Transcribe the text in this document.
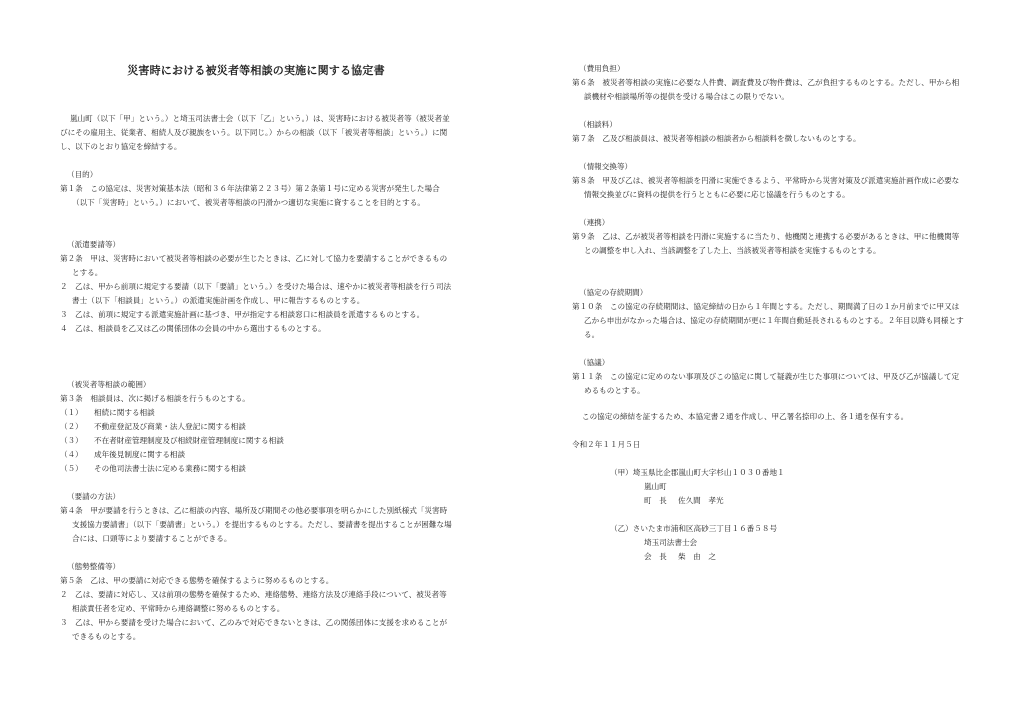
災害時における被災者等相談の実施に関する協定書
嵐山町（以下「甲」という。）と埼玉司法書士会（以下「乙」という。）は、災害時における被災者等（被災者並びにその雇用主、従業者、相続人及び親族をいう。以下同じ。）からの相談（以下「被災者等相談」という。）に関し、以下のとおり協定を締結する。
（目的）
第１条　この協定は、災害対策基本法（昭和３６年法律第２２３号）第２条第１号に定める災害が発生した場合（以下「災害時」という。）において、被災者等相談の円滑かつ適切な実施に資することを目的とする。
（派遣要請等）
第２条　甲は、災害時において被災者等相談の必要が生じたときは、乙に対して協力を要請することができるものとする。
２　乙は、甲から前項に規定する要請（以下「要請」という。）を受けた場合は、速やかに被災者等相談を行う司法書士（以下「相談員」という。）の派遣実施計画を作成し、甲に報告するものとする。
３　乙は、前項に規定する派遣実施計画に基づき、甲が指定する相談窓口に相談員を派遣するものとする。
４　乙は、相談員を乙又は乙の関係団体の会員の中から選出するものとする。
（被災者等相談の範囲）
第３条　相談員は、次に掲げる相談を行うものとする。
（１）	相続に関する相談
（２）	不動産登記及び商業・法人登記に関する相談
（３）	不在者財産管理制度及び相続財産管理制度に関する相談
（４）	成年後見制度に関する相談
（５）	その他司法書士法に定める業務に関する相談
（要請の方法）
第４条　甲が要請を行うときは、乙に相談の内容、場所及び期間その他必要事項を明らかにした別紙様式「災害時支援協力要請書」（以下「要請書」という。）を提出するものとする。ただし、要請書を提出することが困難な場合には、口頭等により要請することができる。
（態勢整備等）
第５条　乙は、甲の要請に対応できる態勢を確保するように努めるものとする。
２　乙は、要請に対応し、又は前項の態勢を確保するため、連絡態勢、連絡方法及び連絡手段について、被災者等相談責任者を定め、平常時から連絡調整に努めるものとする。
３　乙は、甲から要請を受けた場合において、乙のみで対応できないときは、乙の関係団体に支援を求めることができるものとする。
（費用負担）
第６条　被災者等相談の実施に必要な人件費、調査費及び物件費は、乙が負担するものとする。ただし、甲から相談機材や相談場所等の提供を受ける場合はこの限りでない。
（相談料）
第７条　乙及び相談員は、被災者等相談の相談者から相談料を徴しないものとする。
（情報交換等）
第８条　甲及び乙は、被災者等相談を円滑に実施できるよう、平常時から災害対策及び派遣実施計画作成に必要な情報交換並びに資料の提供を行うとともに必要に応じ協議を行うものとする。
（連携）
第９条　乙は、乙が被災者等相談を円滑に実施するに当たり、他機関と連携する必要があるときは、甲に他機関等との調整を申し入れ、当該調整を了した上、当該被災者等相談を実施するものとする。
（協定の存続期間）
第１０条　この協定の存続期間は、協定締結の日から１年間とする。ただし、期間満了日の１か月前までに甲又は乙から申出がなかった場合は、協定の存続期間が更に１年間自動延長されるものとする。２年目以降も同様とする。
（協議）
第１１条　この協定に定めのない事項及びこの協定に関して疑義が生じた事項については、甲及び乙が協議して定めるものとする。
この協定の締結を証するため、本協定書２通を作成し、甲乙署名捺印の上、各１通を保有する。
令和２年１１月５日
（甲）埼玉県比企郡嵐山町大字杉山１０３０番地１
嵐山町
町　長	佐久間　孝光
（乙）さいたま市浦和区高砂三丁目１６番５８号
埼玉司法書士会
会　長	柴　由　之
